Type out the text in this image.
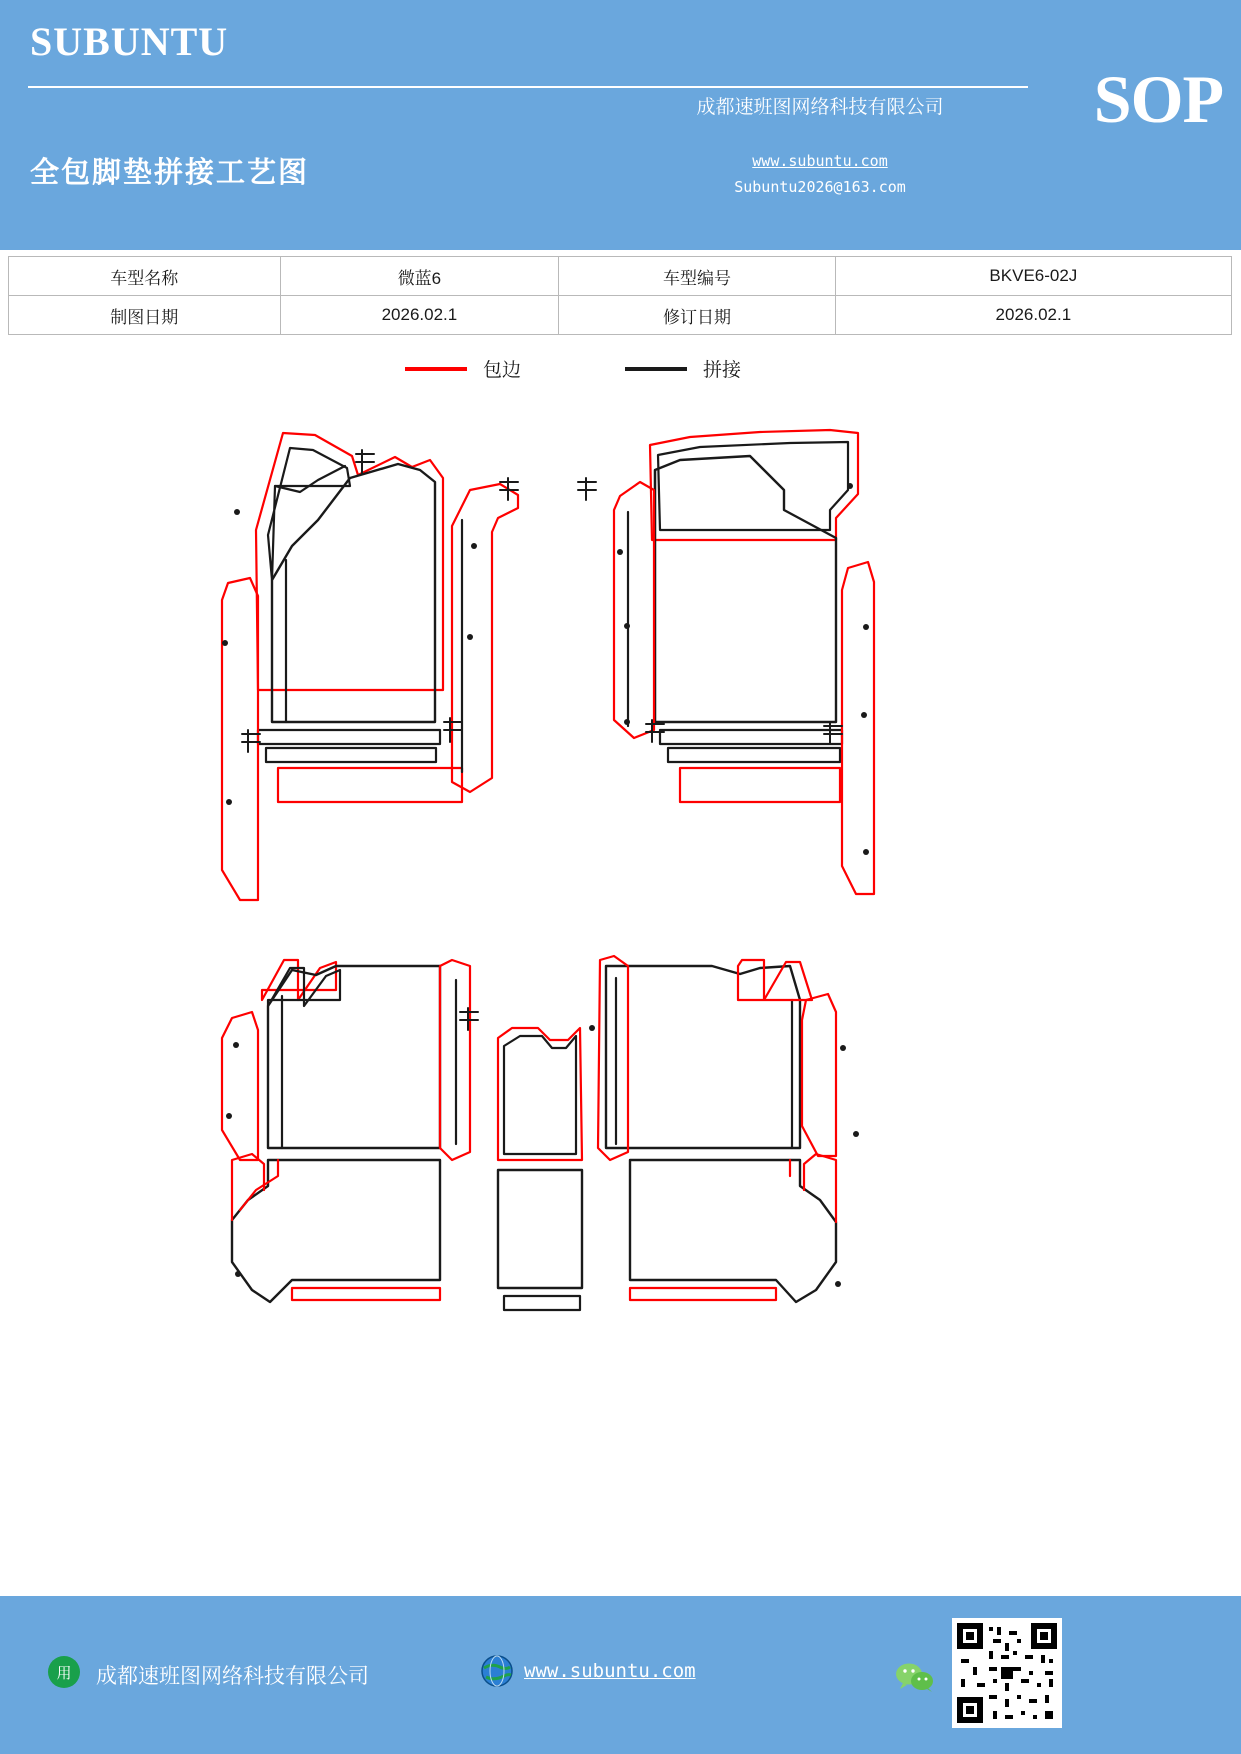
SUBUNTU
成都速班图网络科技有限公司	SOP
全包脚垫拼接工艺图	www.subuntu.com
Subuntu2026@163.com
车型名称	微蓝6	车型编号	BKVE6-02J
制图日期	2026.02.1	修订日期	2026.02.1
包边	拼接
用 成都速班图网络科技有限公司	www.subuntu.com
